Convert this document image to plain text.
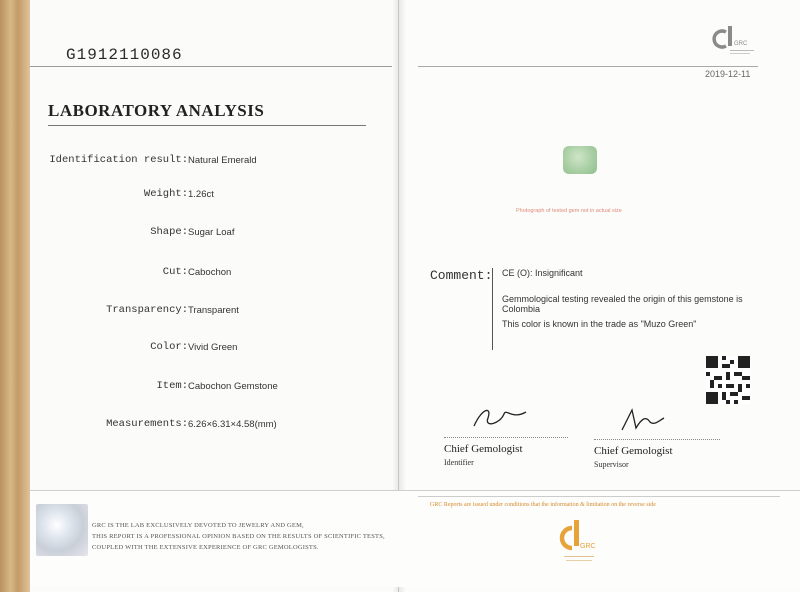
G1912110086
LABORATORY ANALYSIS
Identification result: Natural Emerald
Weight: 1.26ct
Shape: Sugar Loaf
Cut: Cabochon
Transparency: Transparent
Color: Vivid Green
Item: Cabochon Gemstone
Measurements: 6.26×6.31×4.58(mm)
GRC
2019-12-11
Photograph of tested gem not in actual size
Comment: CE (O): Insignificant
Gemmological testing revealed the origin of this gemstone is
Colombia
This color is known in the trade as "Muzo Green"
Chief Gemologist
Identifier
Chief Gemologist
Supervisor
GRC IS THE LAB EXCLUSIVELY DEVOTED TO JEWELRY AND GEM,
THIS REPORT IS A PROFESSIONAL OPINION BASED ON THE RESULTS OF SCIENTIFIC TESTS,
COUPLED WITH THE EXTENSIVE EXPERIENCE OF GRC GEMOLOGISTS.
GRC Reports are issued under conditions that the information & limitation on the reverse side
GRC
